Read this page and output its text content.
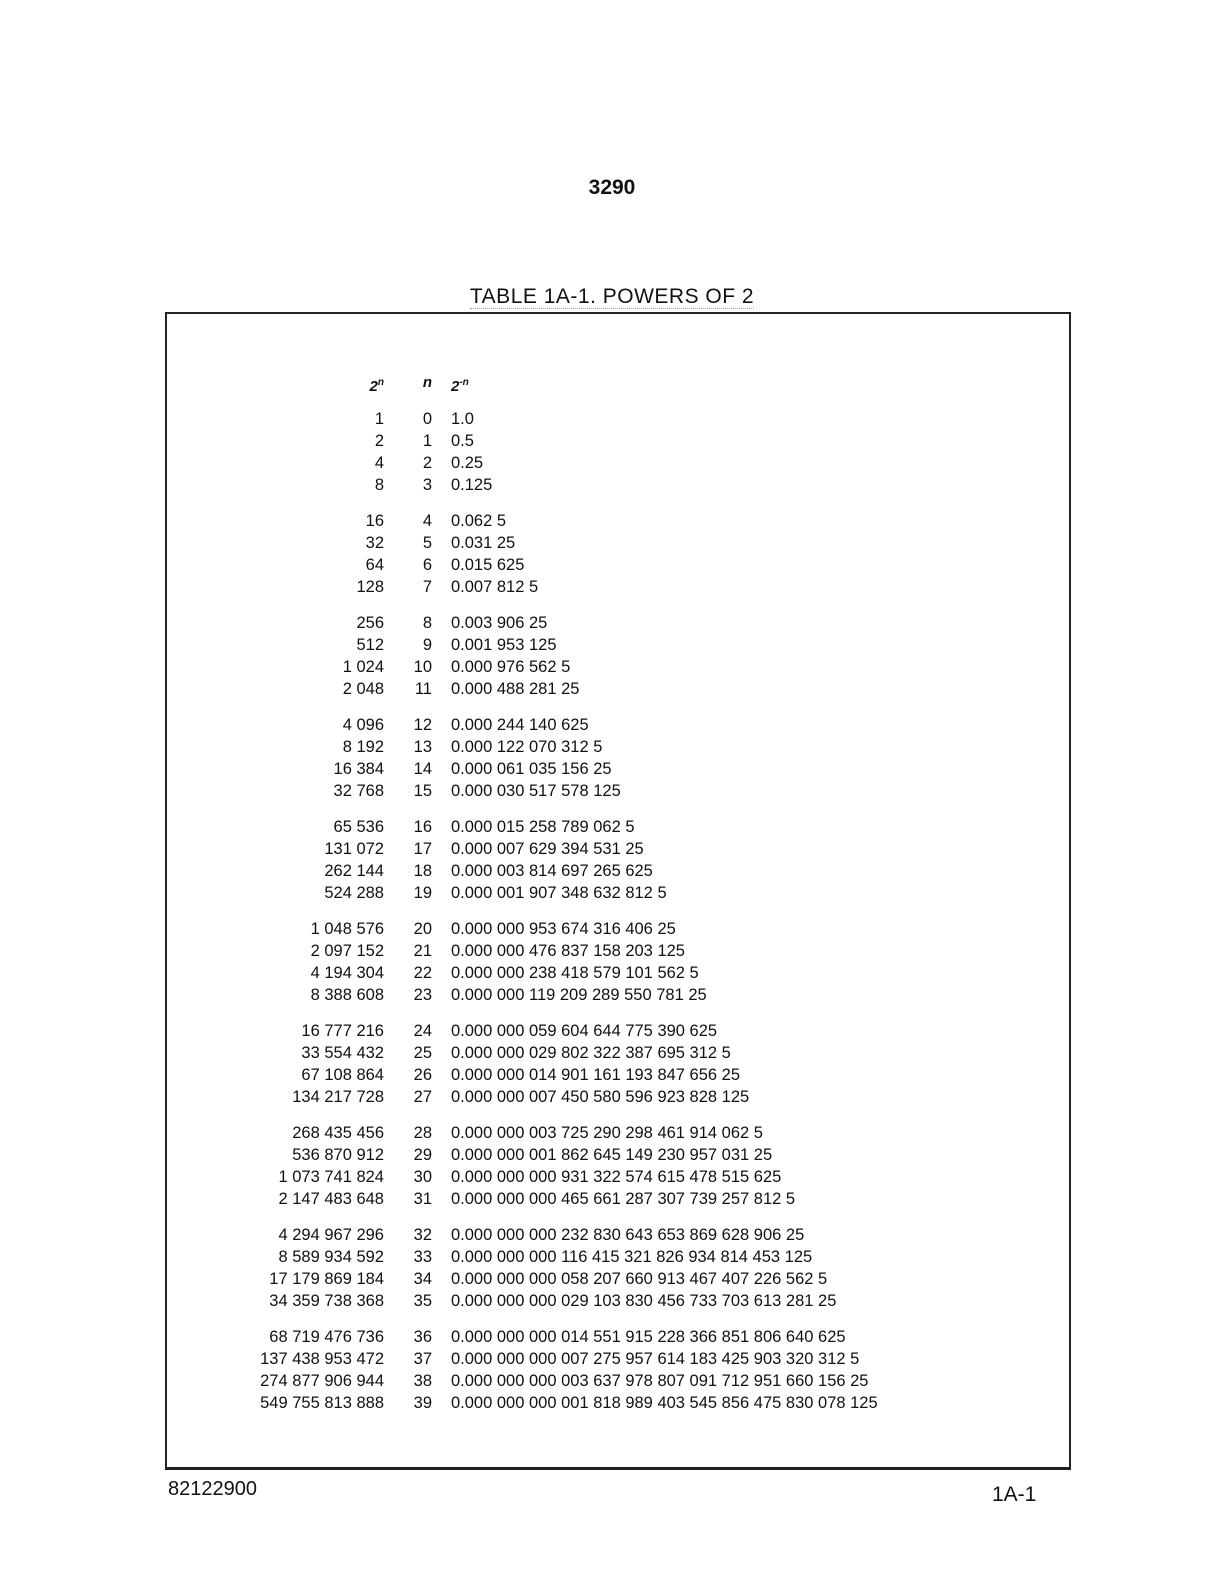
3290
TABLE 1A-1. POWERS OF 2
2$^n$	n	$2^{-n}$
1	0	1.0
2	1	0.5
4	2	0.25
8	3	0.125
16	4	0.062 5
32	5	0.031 25
64	6	0.015 625
128	7	0.007 812 5
256	8	0.003 906 25
512	9	0.001 953 125
1 024	10	0.000 976 562 5
2 048	11	0.000 488 281 25
4 096	12	0.000 244 140 625
8 192	13	0.000 122 070 312 5
16 384	14	0.000 061 035 156 25
32 768	15	0.000 030 517 578 125
65 536	16	0.000 015 258 789 062 5
131 072	17	0.000 007 629 394 531 25
262 144	18	0.000 003 814 697 265 625
524 288	19	0.000 001 907 348 632 812 5
1 048 576	20	0.000 000 953 674 316 406 25
2 097 152	21	0.000 000 476 837 158 203 125
4 194 304	22	0.000 000 238 418 579 101 562 5
8 388 608	23	0.000 000 119 209 289 550 781 25
16 777 216	24	0.000 000 059 604 644 775 390 625
33 554 432	25	0.000 000 029 802 322 387 695 312 5
67 108 864	26	0.000 000 014 901 161 193 847 656 25
134 217 728	27	0.000 000 007 450 580 596 923 828 125
268 435 456	28	0.000 000 003 725 290 298 461 914 062 5
536 870 912	29	0.000 000 001 862 645 149 230 957 031 25
1 073 741 824	30	0.000 000 000 931 322 574 615 478 515 625
2 147 483 648	31	0.000 000 000 465 661 287 307 739 257 812 5
4 294 967 296	32	0.000 000 000 232 830 643 653 869 628 906 25
8 589 934 592	33	0.000 000 000 116 415 321 826 934 814 453 125
17 179 869 184	34	0.000 000 000 058 207 660 913 467 407 226 562 5
34 359 738 368	35	0.000 000 000 029 103 830 456 733 703 613 281 25
68 719 476 736	36	0.000 000 000 014 551 915 228 366 851 806 640 625
137 438 953 472	37	0.000 000 000 007 275 957 614 183 425 903 320 312 5
274 877 906 944	38	0.000 000 000 003 637 978 807 091 712 951 660 156 25
549 755 813 888	39	0.000 000 000 001 818 989 403 545 856 475 830 078 125
82122900	1A-1
